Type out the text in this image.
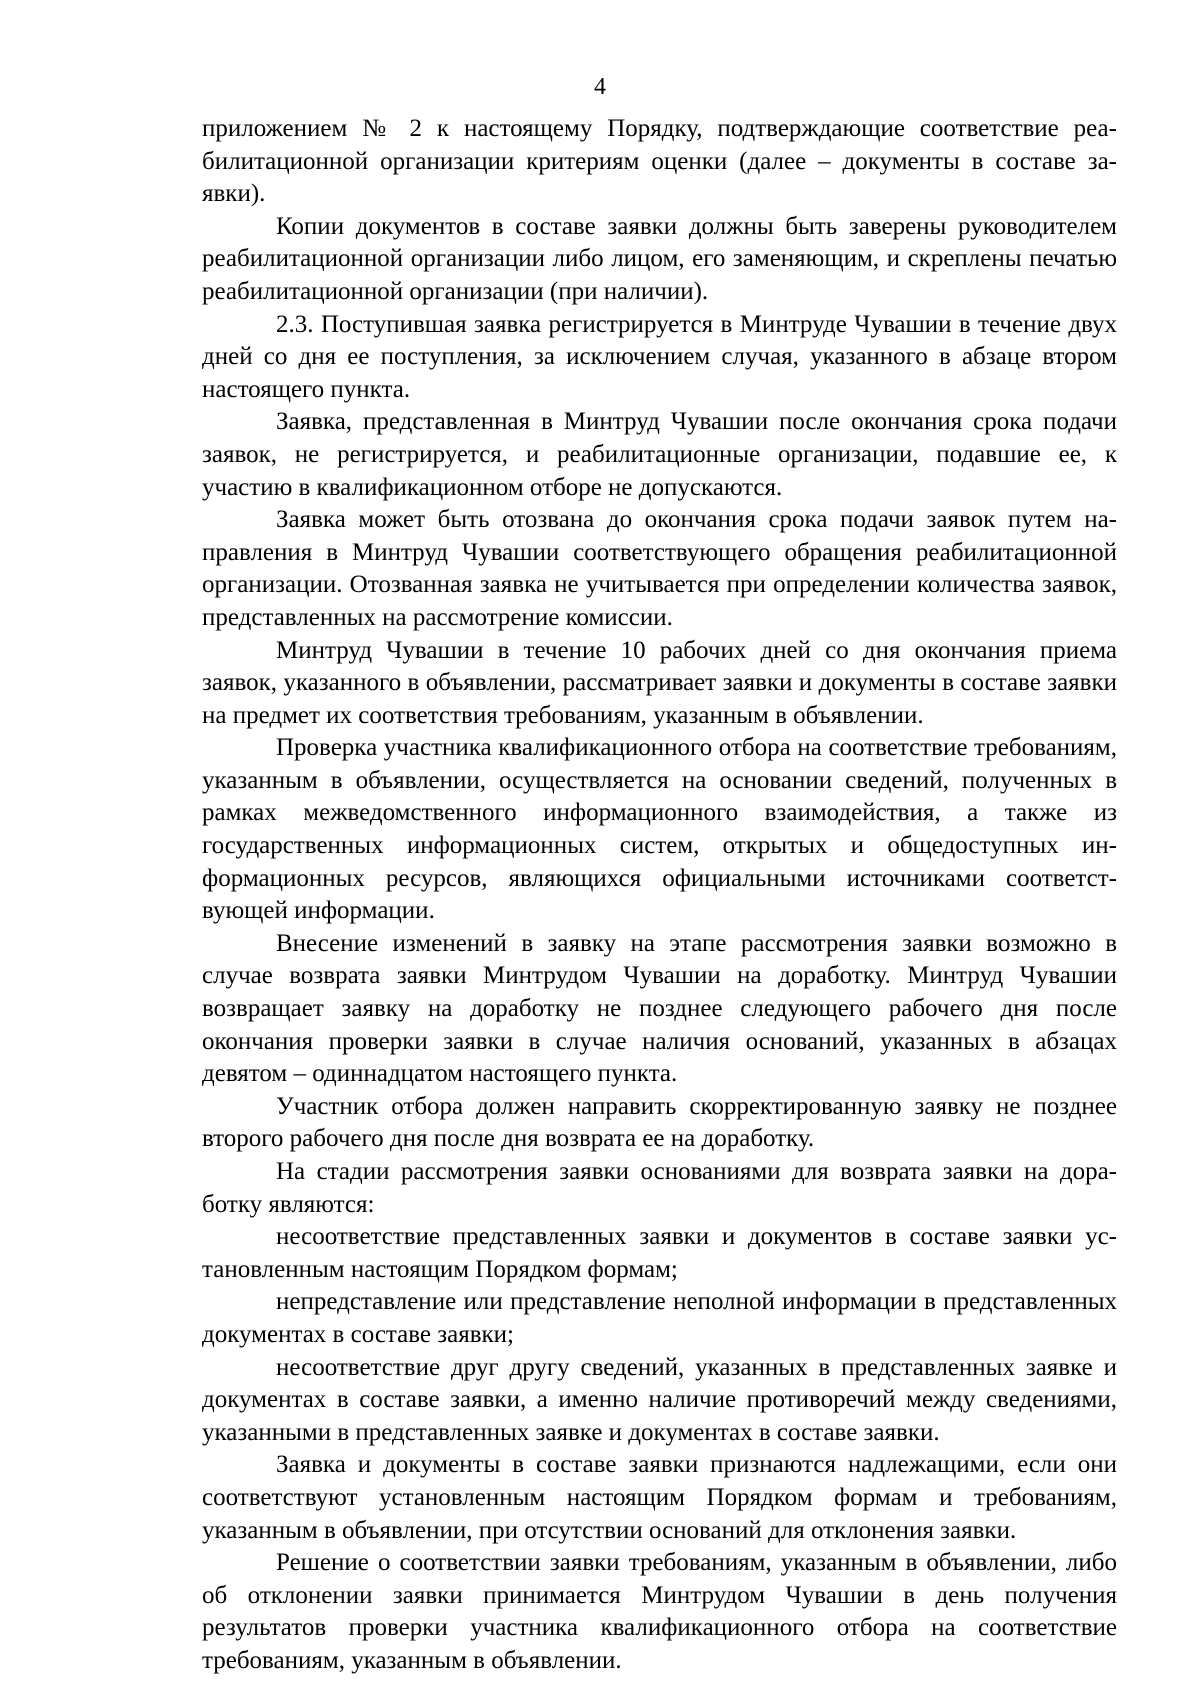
4

приложением № 2 к настоящему Порядку, подтверждающие соответствие реабилитационной организации критериям оценки (далее – документы в составе заявки).

Копии документов в составе заявки должны быть заверены руководителем реабилитационной организации либо лицом, его заменяющим, и скреплены печатью реабилитационной организации (при наличии).

2.3. Поступившая заявка регистрируется в Минтруде Чувашии в течение двух дней со дня ее поступления, за исключением случая, указанного в абзаце втором настоящего пункта.

Заявка, представленная в Минтруд Чувашии после окончания срока подачи заявок, не регистрируется, и реабилитационные организации, подавшие ее, к участию в квалификационном отборе не допускаются.

Заявка может быть отозвана до окончания срока подачи заявок путем направления в Минтруд Чувашии соответствующего обращения реабилитационной организации. Отозванная заявка не учитывается при определении количества заявок, представленных на рассмотрение комиссии.

Минтруд Чувашии в течение 10 рабочих дней со дня окончания приема заявок, указанного в объявлении, рассматривает заявки и документы в составе заявки на предмет их соответствия требованиям, указанным в объявлении.

Проверка участника квалификационного отбора на соответствие требованиям, указанным в объявлении, осуществляется на основании сведений, полученных в рамках межведомственного информационного взаимодействия, а также из государственных информационных систем, открытых и общедоступных информационных ресурсов, являющихся официальными источниками соответствующей информации.

Внесение изменений в заявку на этапе рассмотрения заявки возможно в случае возврата заявки Минтрудом Чувашии на доработку. Минтруд Чувашии возвращает заявку на доработку не позднее следующего рабочего дня после окончания проверки заявки в случае наличия оснований, указанных в абзацах девятом – одиннадцатом настоящего пункта.

Участник отбора должен направить скорректированную заявку не позднее второго рабочего дня после дня возврата ее на доработку.

На стадии рассмотрения заявки основаниями для возврата заявки на доработку являются:

несоответствие представленных заявки и документов в составе заявки установленным настоящим Порядком формам;

непредставление или представление неполной информации в представленных документах в составе заявки;

несоответствие друг другу сведений, указанных в представленных заявке и документах в составе заявки, а именно наличие противоречий между сведениями, указанными в представленных заявке и документах в составе заявки.

Заявка и документы в составе заявки признаются надлежащими, если они соответствуют установленным настоящим Порядком формам и требованиям, указанным в объявлении, при отсутствии оснований для отклонения заявки.

Решение о соответствии заявки требованиям, указанным в объявлении, либо об отклонении заявки принимается Минтрудом Чувашии в день получения результатов проверки участника квалификационного отбора на соответствие требованиям, указанным в объявлении.
